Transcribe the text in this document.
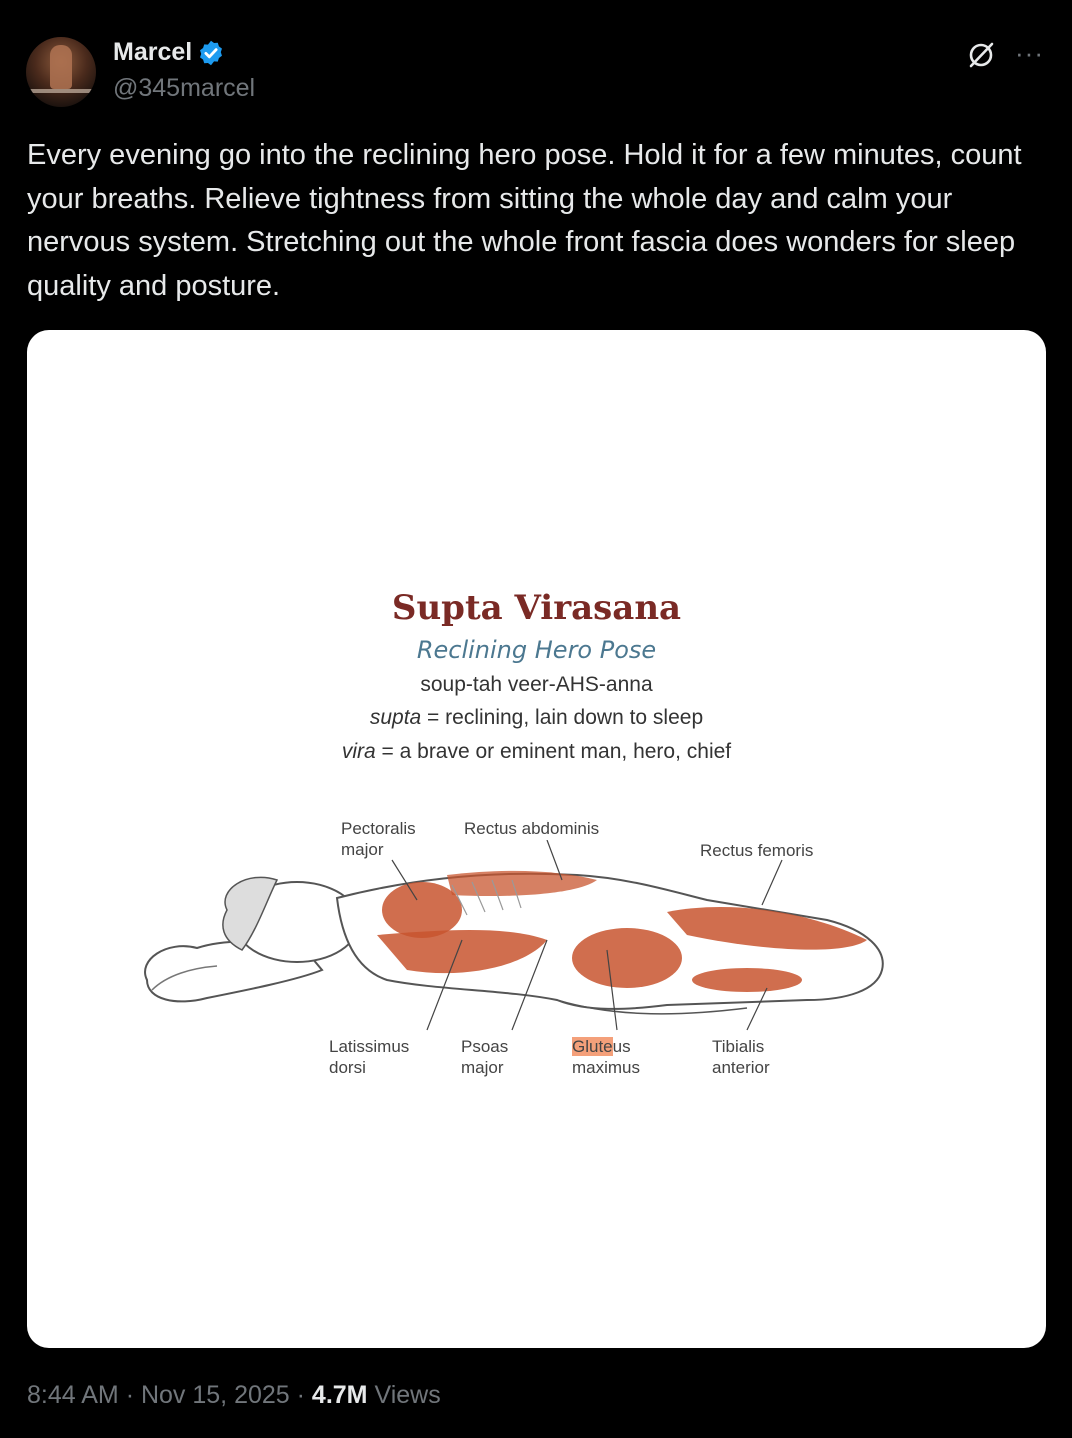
Marcel
@345marcel
···

Every evening go into the reclining hero pose. Hold it for a few minutes, count your breaths. Relieve tightness from sitting the whole day and calm your nervous system. Stretching out the whole front fascia does wonders for sleep quality and posture.

Supta Virasana
Reclining Hero Pose
soup-tah veer-AHS-anna
supta = reclining, lain down to sleep
vira = a brave or eminent man, hero, chief
Pectoralis
major
Rectus abdominis
Rectus femoris
Latissimus
dorsi
Psoas
major
Gluteus
maximus
Tibialis
anterior
8:44 AM · Nov 15, 2025 · 4.7M Views
